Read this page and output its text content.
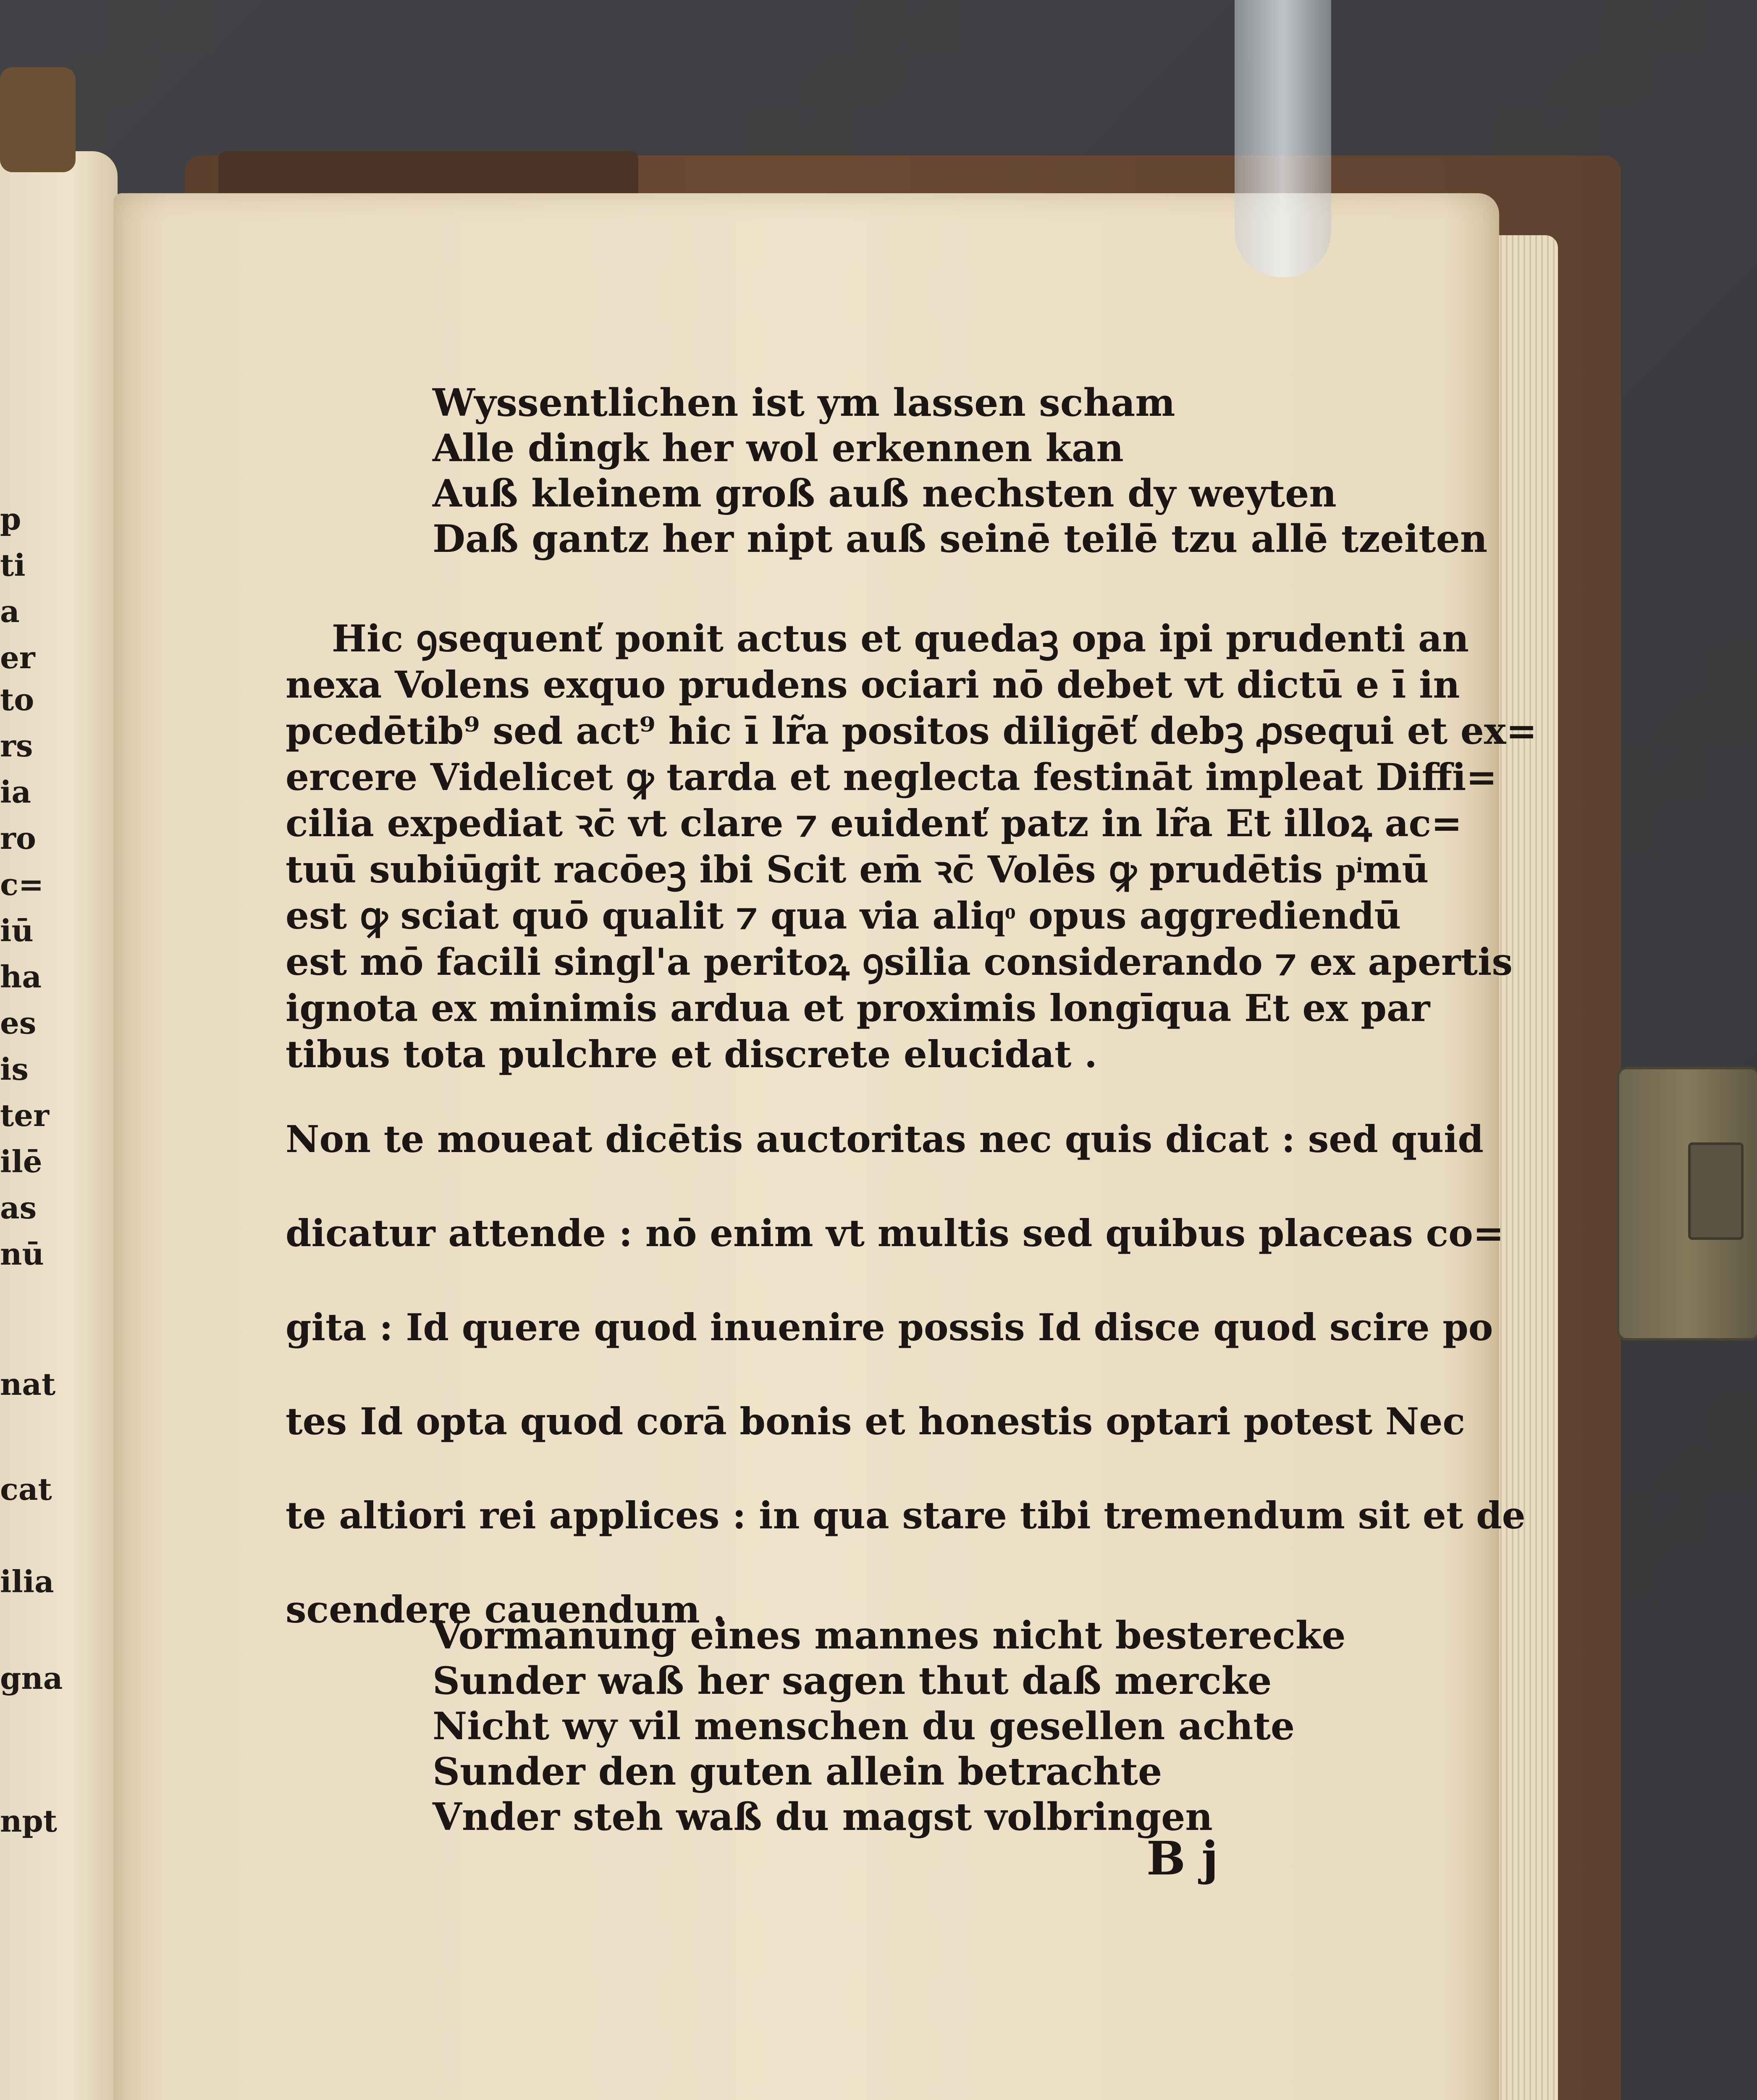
p
ti
a
er
to
rs
ia
ro
c=
iū
ha
es
is
ter
ilē
as
nū
nat
cat
ilia
gna
npt
Wyssentlichen ist ym lassen scham
Alle dingk her wol erkennen kan
Auß kleinem groß auß nechsten dy weyten
Daß gantz her nipt auß seinē teilē tzu allē tzeiten
Hic ꝯsequenť ponit actus et quedaꝫ opa ipi prudenti an
nexa Volens exquo prudens ociari nō debet vt dictū e ī in
pcedētib⁹ sed act⁹ hic ī lr̃a positos diligēť debꝫ ꝓsequi et ex=
ercere Videlicet ꝙ tarda et neglecta festināt impleat Diffi=
cilia expediat ꝛc̄ vt clare ⁊ euidenť patz in lr̃a Et illoꝝ ac=
tuū subiūgit racōeꝫ ibi Scit em̄ ꝛc̄ Volēs ꝙ prudētis pͥmū
est ꝙ sciat quō qualit ⁊ qua via aliqͦ opus aggrediendū
est mō facili singl'a peritoꝝ ꝯsilia considerando ⁊ ex apertis
ignota ex minimis ardua et proximis longīqua Et ex par
tibus tota pulchre et discrete elucidat .
Non te moueat dicētis auctoritas nec quis dicat : sed quid
dicatur attende : nō enim vt multis sed quibus placeas co=
gita : Id quere quod inuenire possis Id disce quod scire po
tes Id opta quod corā bonis et honestis optari potest Nec
te altiori rei applices : in qua stare tibi tremendum sit et de
scendere cauendum .
Vormanung eines mannes nicht besterecke
Sunder waß her sagen thut daß mercke
Nicht wy vil menschen du gesellen achte
Sunder den guten allein betrachte
Vnder steh waß du magst volbringen
B j
